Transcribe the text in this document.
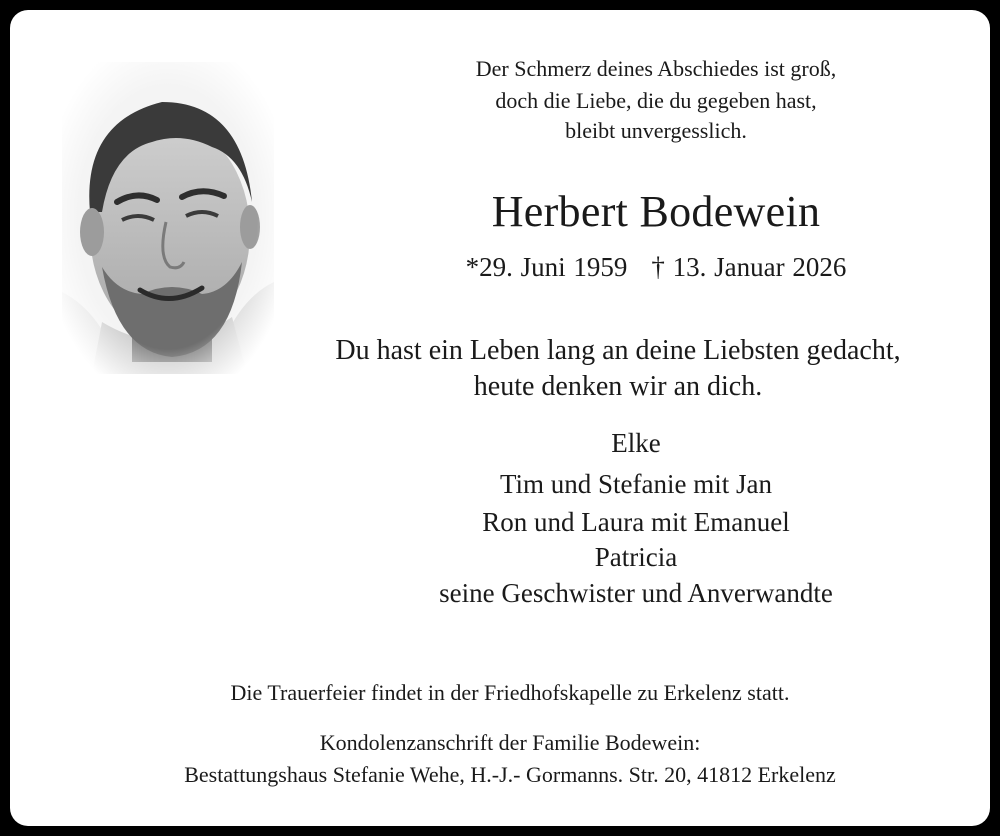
Der Schmerz deines Abschiedes ist groß,
doch die Liebe, die du gegeben hast,
bleibt unvergesslich.
Herbert Bodewein
*29. Juni 1959 † 13. Januar 2026
Du hast ein Leben lang an deine Liebsten gedacht,
heute denken wir an dich.
Elke
Tim und Stefanie mit Jan
Ron und Laura mit Emanuel
Patricia
seine Geschwister und Anverwandte
Die Trauerfeier findet in der Friedhofskapelle zu Erkelenz statt.
Kondolenzanschrift der Familie Bodewein:
Bestattungshaus Stefanie Wehe, H.-J.- Gormanns. Str. 20, 41812 Erkelenz
